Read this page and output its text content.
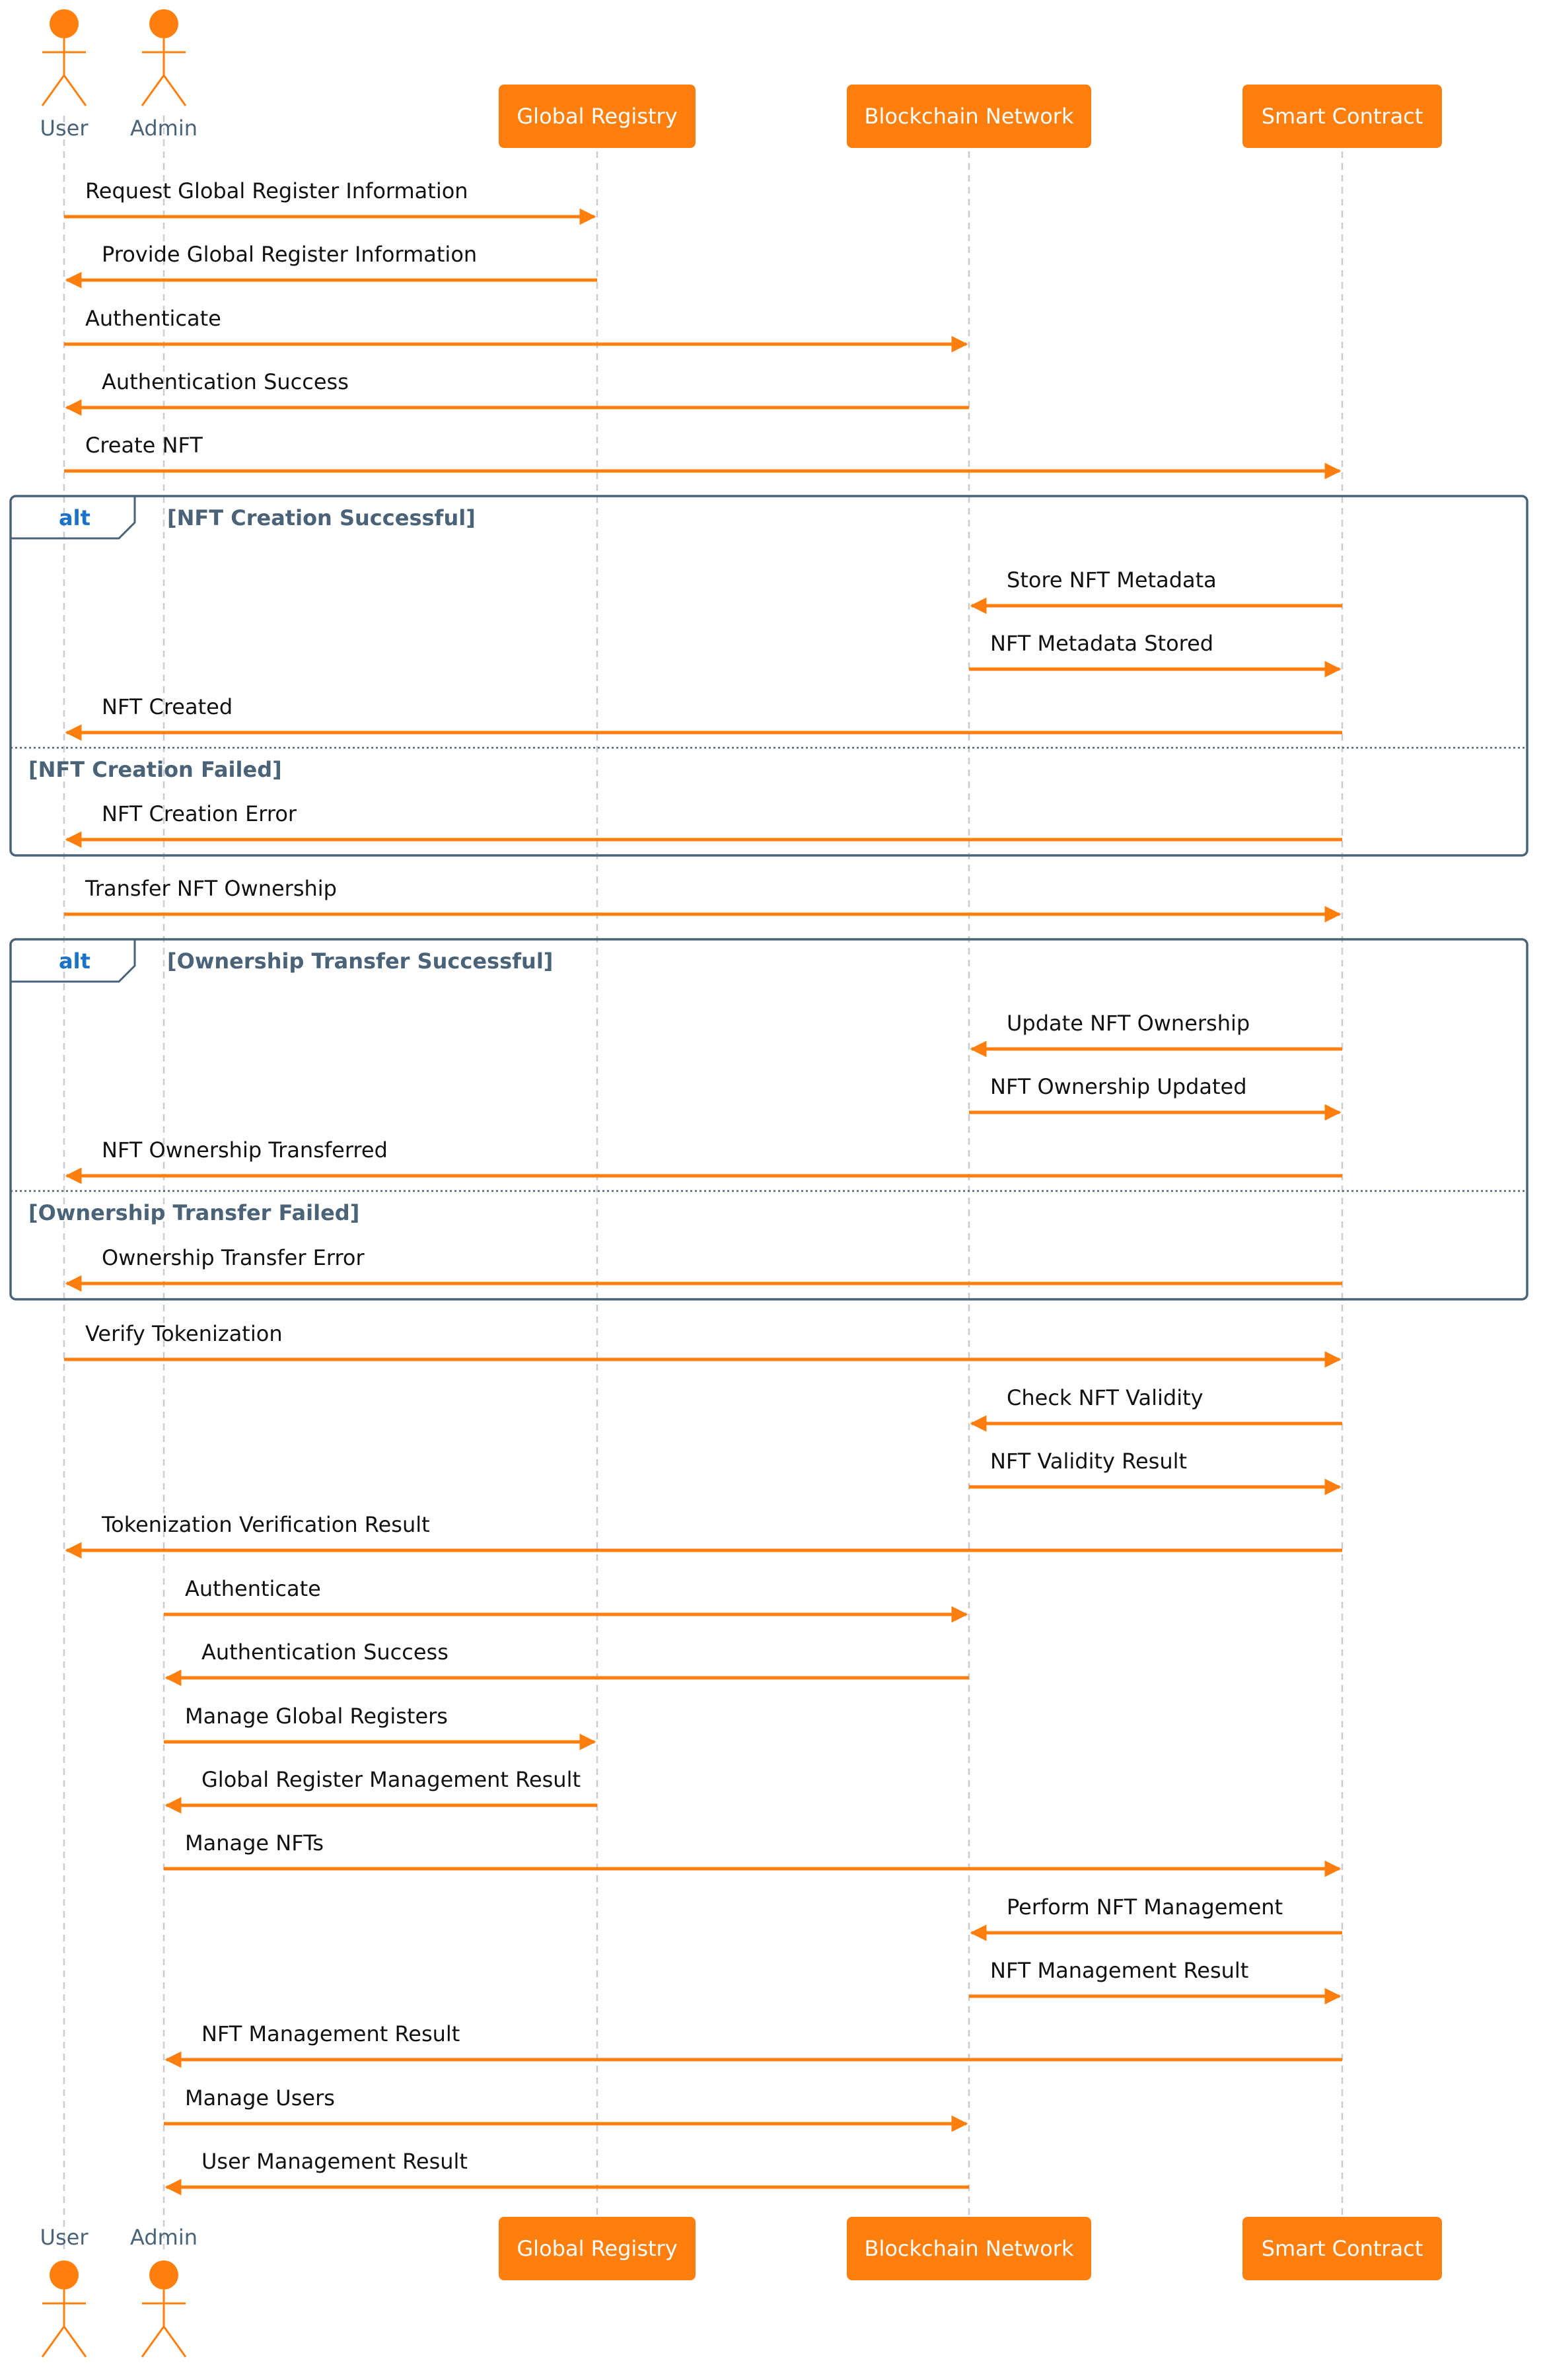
alt	[NFT Creation Successful]
[NFT Creation Failed]
alt	[Ownership Transfer Successful]
[Ownership Transfer Failed]
Request Global Register Information
Provide Global Register Information
Authenticate
Authentication Success
Create NFT
Store NFT Metadata
NFT Metadata Stored
NFT Created
NFT Creation Error
Transfer NFT Ownership
Update NFT Ownership
NFT Ownership Updated
NFT Ownership Transferred
Ownership Transfer Error
Verify Tokenization
Check NFT Validity
NFT Validity Result
Tokenization Verification Result
Authenticate
Authentication Success
Manage Global Registers
Global Register Management Result
Manage NFTs
Perform NFT Management
NFT Management Result
NFT Management Result
Manage Users
User Management Result
User
User
Admin
Admin
Global Registry
Global Registry
Blockchain Network
Blockchain Network
Smart Contract
Smart Contract
